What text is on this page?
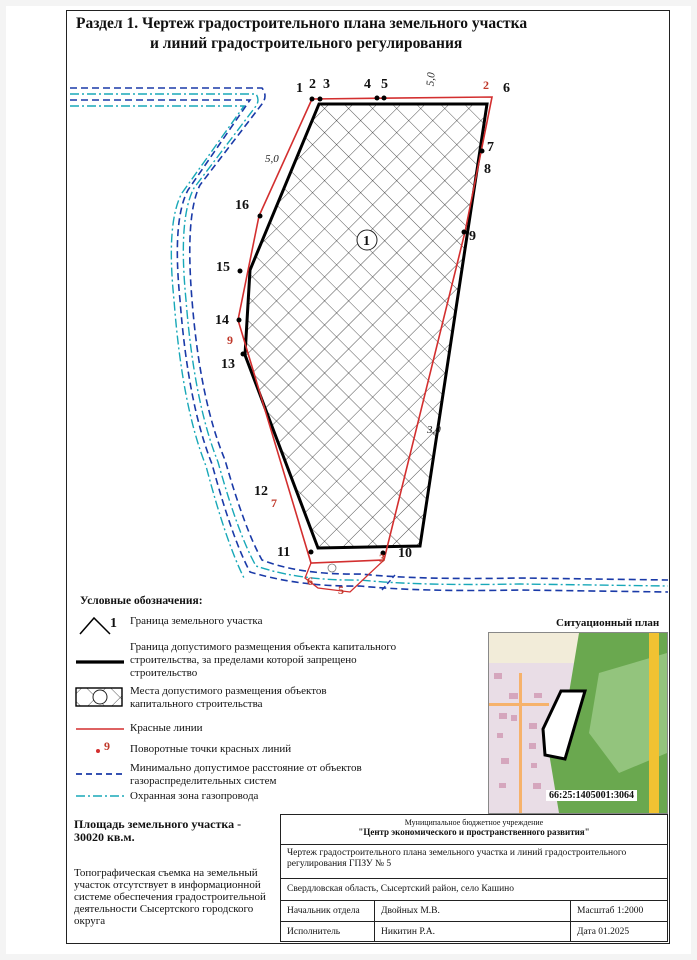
Раздел 1. Чертеж градостроительного плана земельного участка
и линий градостроительного регулирования
1
5,0
5,0
3,0
1 2 3 4 5	6
7
8
9
10
11
12
13
14
15
16
2
9
7
3
6
5
1
9
Условные обозначения:
Граница земельного участка
Граница допустимого размещения объекта капитального строительства, за пределами которой запрещено строительство
Места допустимого размещения объектов капитального строительства
Красные линии
Поворотные точки красных линий
Минимально допустимое расстояние от объектов газораспределительных систем
Охранная зона газопровода
Ситуационный план
66:25:1405001:3064
Площадь земельного участка -
30020 кв.м.
Топографическая съемка на земельный участок отсутствует в информационной системе обеспечения градостроительной деятельности Сысертского городского округа
Муниципальное бюджетное учреждение
"Центр экономического и пространственного развития"
Чертеж градостроительного плана земельного участка и линий градостроительного регулирования ГПЗУ № 5
Свердловская область, Сысертский район, село Кашино
Начальник отдела	Двойных М.В.	Масштаб 1:2000
Исполнитель	Никитин Р.А.	Дата 01.2025
